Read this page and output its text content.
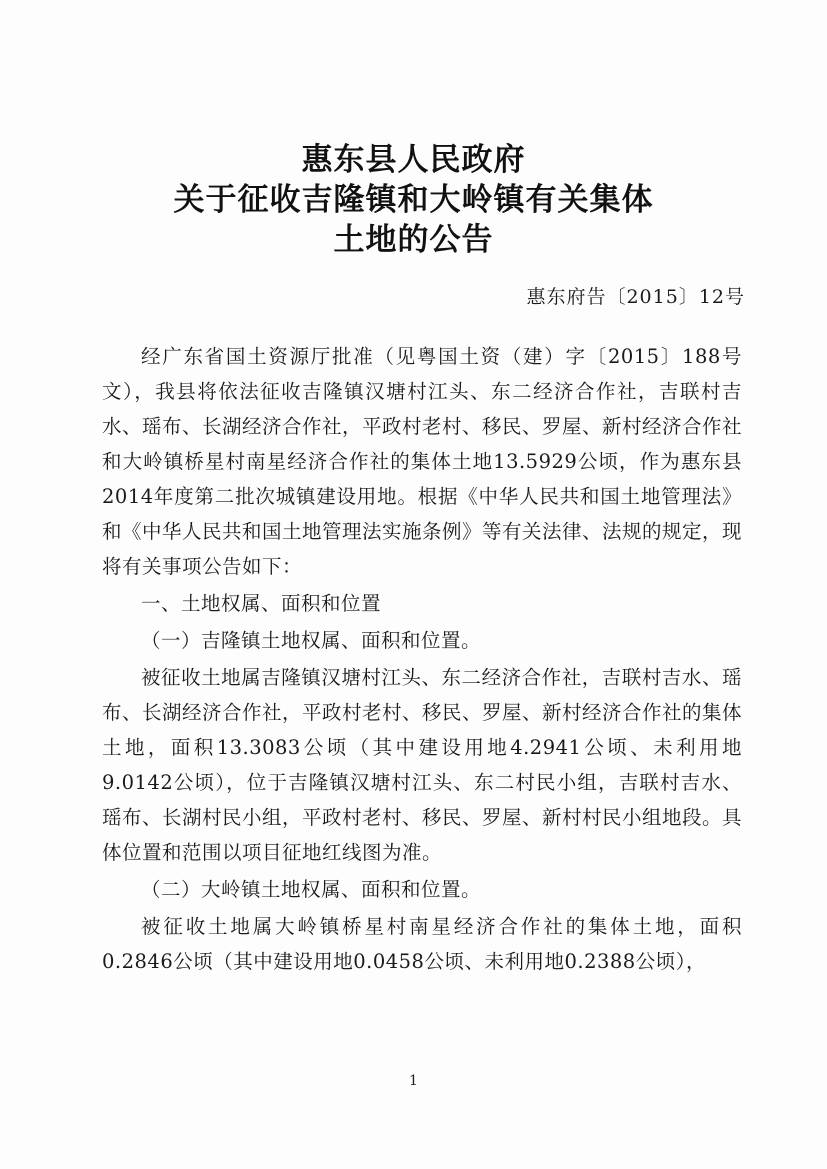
惠东县人民政府
关于征收吉隆镇和大岭镇有关集体
土地的公告
惠东府告〔2015〕12号

经广东省国土资源厅批准（见粤国土资（建）字〔2015〕188号文），我县将依法征收吉隆镇汉塘村江头、东二经济合作社，吉联村吉水、瑶布、长湖经济合作社，平政村老村、移民、罗屋、新村经济合作社和大岭镇桥星村南星经济合作社的集体土地13.5929公顷，作为惠东县2014年度第二批次城镇建设用地。根据《中华人民共和国土地管理法》和《中华人民共和国土地管理法实施条例》等有关法律、法规的规定，现将有关事项公告如下：

一、土地权属、面积和位置

（一）吉隆镇土地权属、面积和位置。

被征收土地属吉隆镇汉塘村江头、东二经济合作社，吉联村吉水、瑶布、长湖经济合作社，平政村老村、移民、罗屋、新村经济合作社的集体土地，面积13.3083公顷（其中建设用地4.2941公顷、未利用地9.0142公顷），位于吉隆镇汉塘村江头、东二村民小组，吉联村吉水、瑶布、长湖村民小组，平政村老村、移民、罗屋、新村村民小组地段。具体位置和范围以项目征地红线图为准。

（二）大岭镇土地权属、面积和位置。

被征收土地属大岭镇桥星村南星经济合作社的集体土地，面积0.2846公顷（其中建设用地0.0458公顷、未利用地0.2388公顷），

1
